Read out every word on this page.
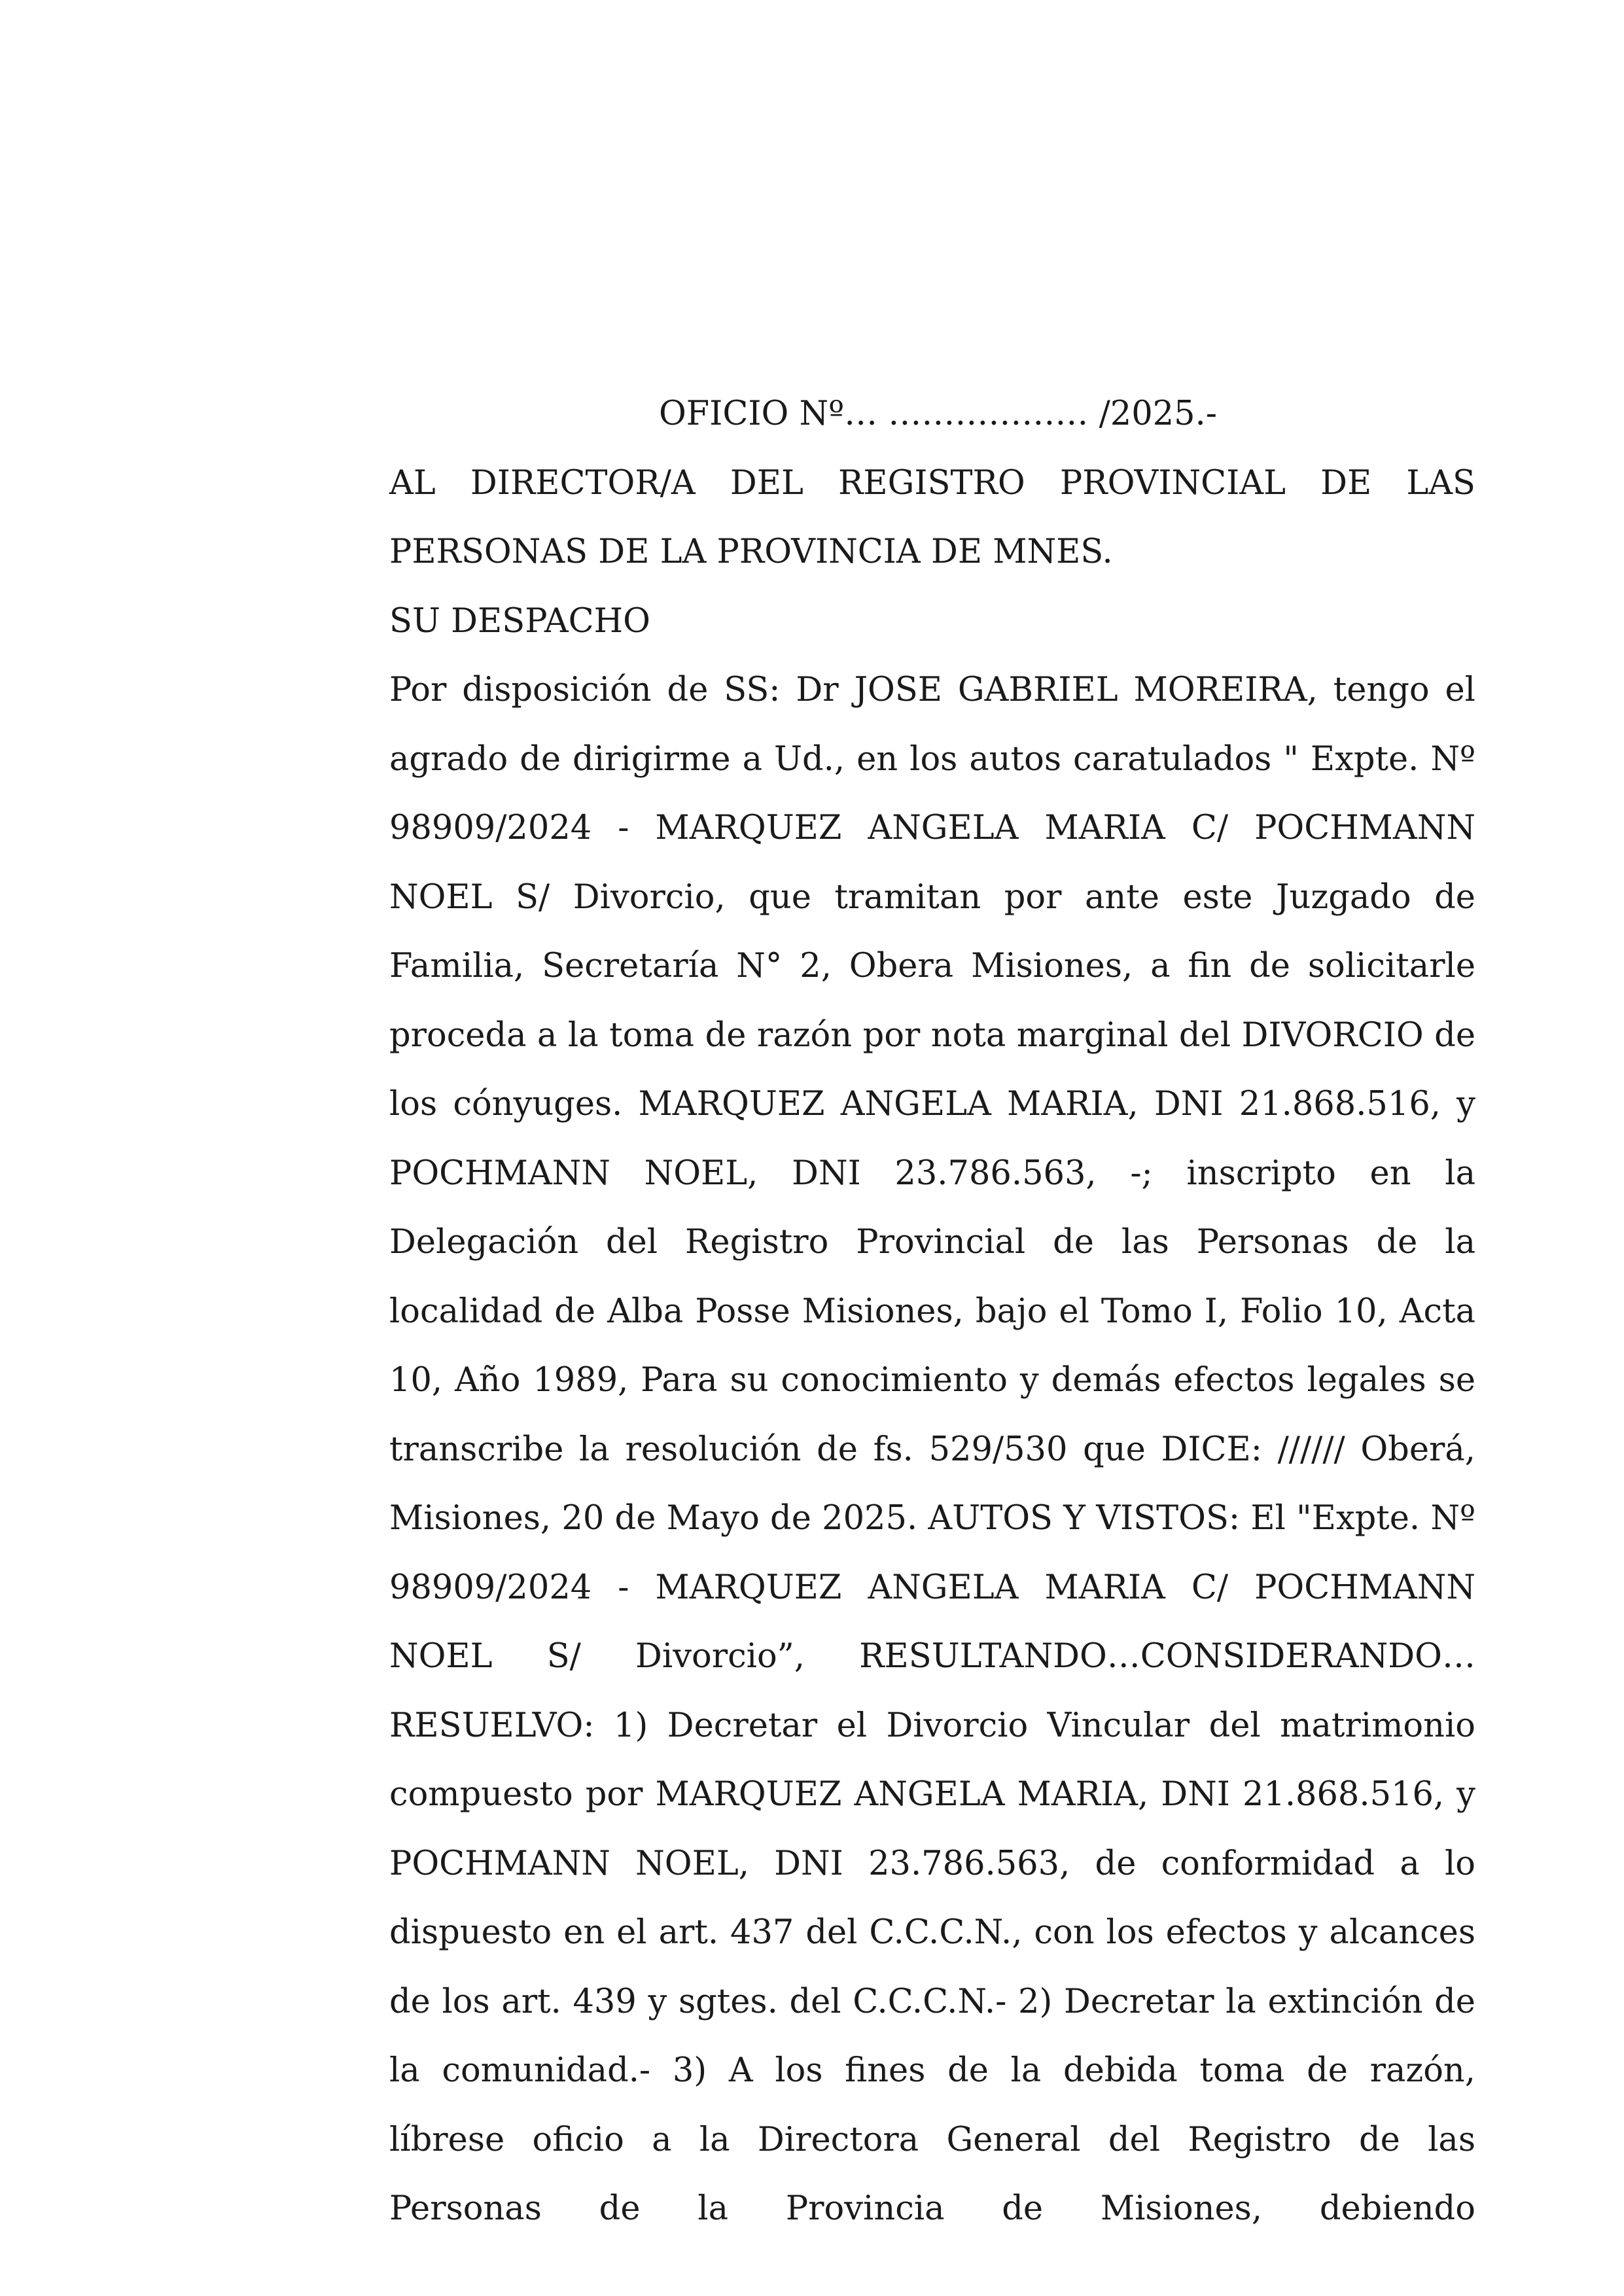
OFICIO Nº… ……………… /2025.-

AL DIRECTOR/A DEL REGISTRO PROVINCIAL DE LAS PERSONAS DE LA PROVINCIA DE MNES.

SU DESPACHO

Por disposición de SS: Dr JOSE GABRIEL MOREIRA, tengo el agrado de dirigirme a Ud., en los autos caratulados " Expte. Nº 98909/2024 - MARQUEZ ANGELA MARIA C/ POCHMANN NOEL S/ Divorcio, que tramitan por ante este Juzgado de Familia, Secretaría N° 2, Obera Misiones, a fin de solicitarle proceda a la toma de razón por nota marginal del DIVORCIO de los cónyuges. MARQUEZ ANGELA MARIA, DNI 21.868.516, y POCHMANN NOEL, DNI 23.786.563, -; inscripto en la Delegación del Registro Provincial de las Personas de la localidad de Alba Posse Misiones, bajo el Tomo I, Folio 10, Acta 10, Año 1989, Para su conocimiento y demás efectos legales se transcribe la resolución de fs. 529/530 que DICE: ////// Oberá, Misiones, 20 de Mayo de 2025. AUTOS Y VISTOS: El "Expte. Nº 98909/2024 - MARQUEZ ANGELA MARIA C/ POCHMANN NOEL S/ Divorcio”, RESULTANDO…CONSIDERANDO…RESUELVO: 1) Decretar el Divorcio Vincular del matrimonio compuesto por MARQUEZ ANGELA MARIA, DNI 21.868.516, y POCHMANN NOEL, DNI 23.786.563, de conformidad a lo dispuesto en el art. 437 del C.C.C.N., con los efectos y alcances de los art. 439 y sgtes. del C.C.C.N.- 2) Decretar la extinción de la comunidad.- 3) A los fines de la debida toma de razón, líbrese oficio a la Directora General del Registro de las Personas de la Provincia de Misiones, debiendo
